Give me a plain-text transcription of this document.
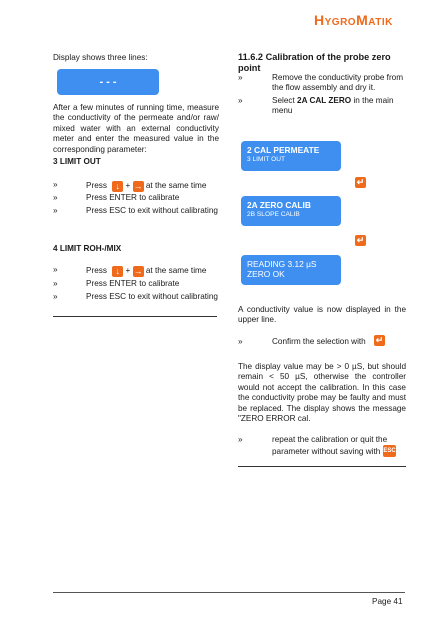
HYGROMATIK
Display shows three lines:
- - -
After a few minutes of running time, measure the conductivity of the permeate and/or raw/ mixed water with an external conductivity meter and enter the measured value in the corresponding parameter:
3 LIMIT OUT
»	Press ↓ + → at the same time
»	Press ENTER to calibrate
»	Press ESC to exit without calibrating
4 LIMIT ROH-/MIX
»	Press ↓ + → at the same time
»	Press ENTER to calibrate
»	Press ESC to exit without calibrating
11.6.2 Calibration of the probe zero point
»	Remove the conductivity probe from the flow assembly and dry it.
»	Select 2A CAL ZERO in the main menu
2 CAL PERMEATE
3 LIMIT OUT
↵
2A ZERO CALIB
2B SLOPE CALIB
↵
READING 3.12 µS
ZERO OK
A conductivity value is now displayed in the upper line.
»	Confirm the selection with ↵
The display value may be > 0 µS, but should remain < 50 µS, otherwise the controller would not accept the calibration. In this case the conductivity probe may be faulty and must be replaced. The display shows the message "ZERO ERROR cal.
»	repeat the calibration or quit the
parameter without saving with ESC
Page 41
